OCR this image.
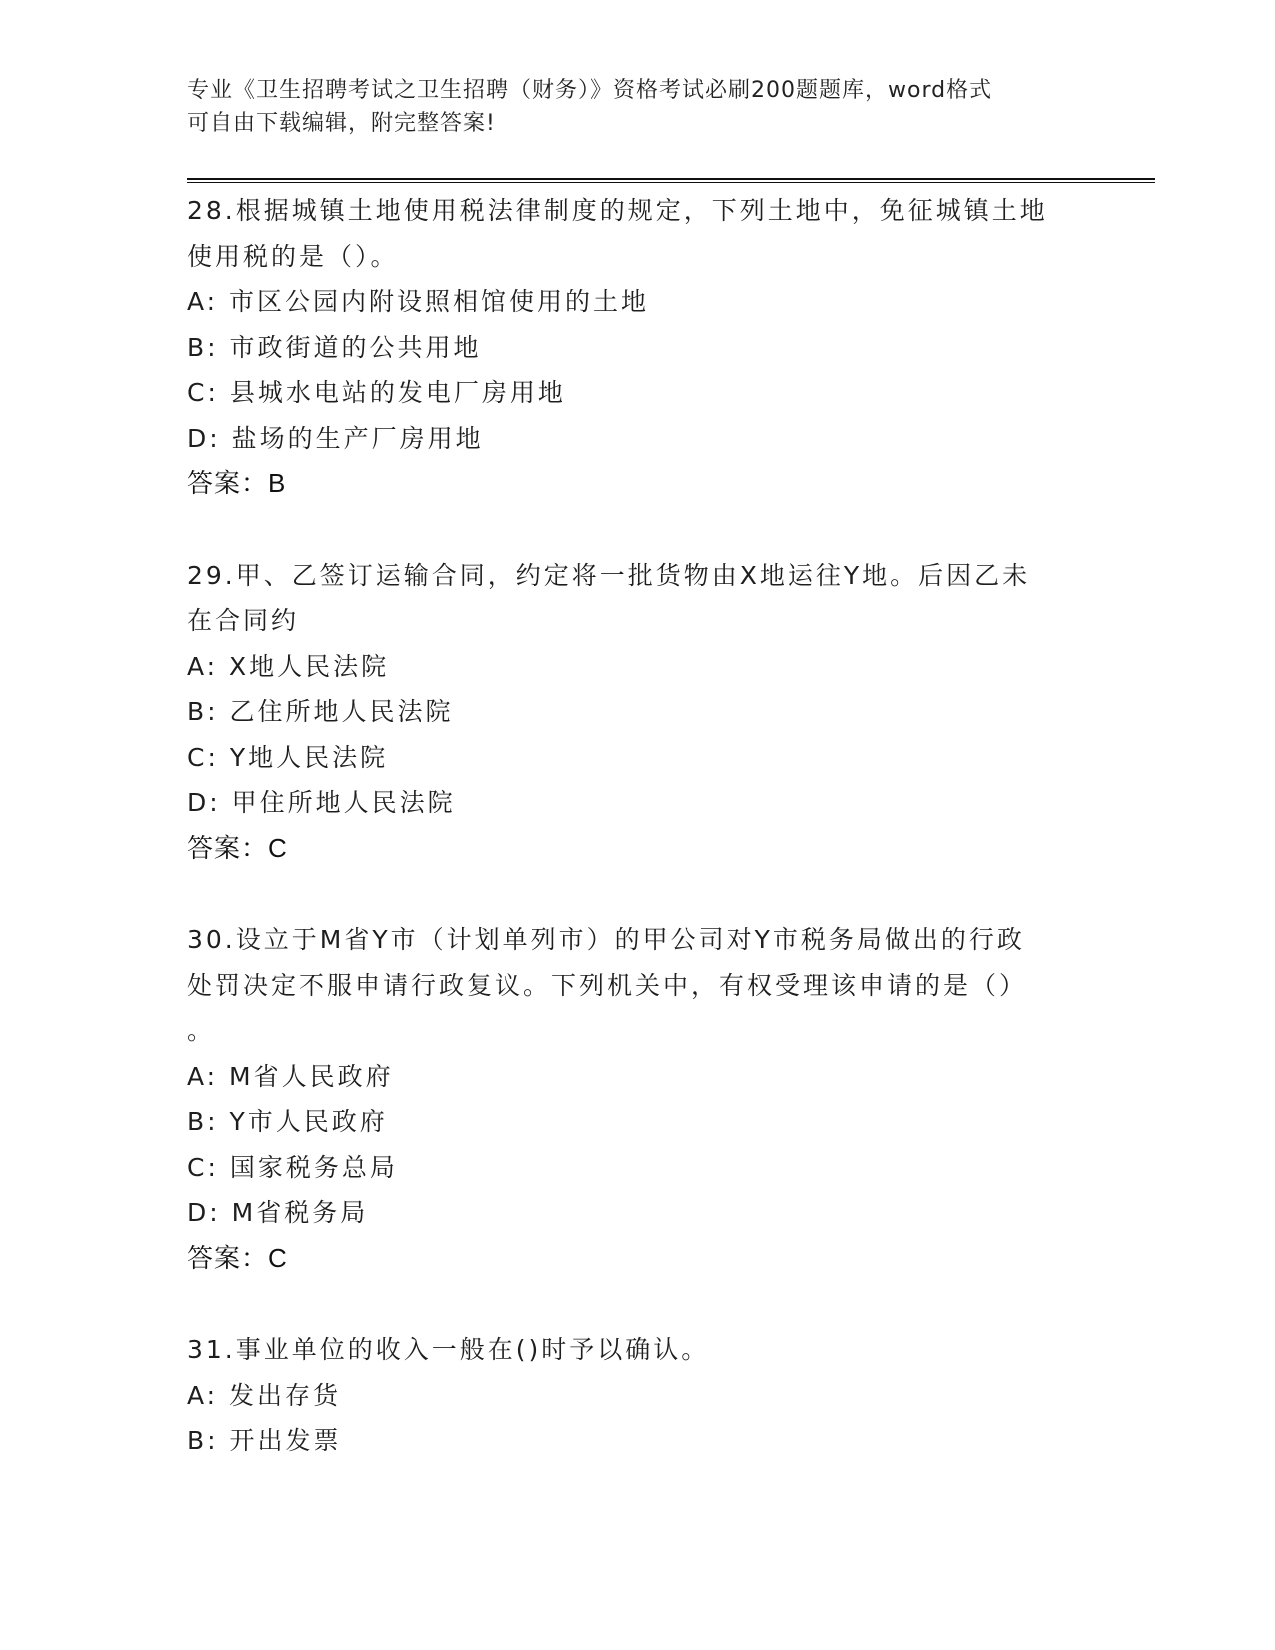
专业《卫生招聘考试之卫生招聘（财务）》资格考试必刷200题题库，word格式
可自由下载编辑，附完整答案!
28.根据城镇土地使用税法律制度的规定，下列土地中，免征城镇土地
使用税的是（）。
A: 市区公园内附设照相馆使用的土地
B: 市政街道的公共用地
C: 县城水电站的发电厂房用地
D: 盐场的生产厂房用地
答案：B
29.甲、乙签订运输合同，约定将一批货物由X地运往Y地。后因乙未
在合同约
A: X地人民法院
B: 乙住所地人民法院
C: Y地人民法院
D: 甲住所地人民法院
答案：C
30.设立于M省Y市（计划单列市）的甲公司对Y市税务局做出的行政
处罚决定不服申请行政复议。下列机关中，有权受理该申请的是（）
。
A: M省人民政府
B: Y市人民政府
C: 国家税务总局
D: M省税务局
答案：C
31.事业单位的收入一般在()时予以确认。
A: 发出存货
B: 开出发票
